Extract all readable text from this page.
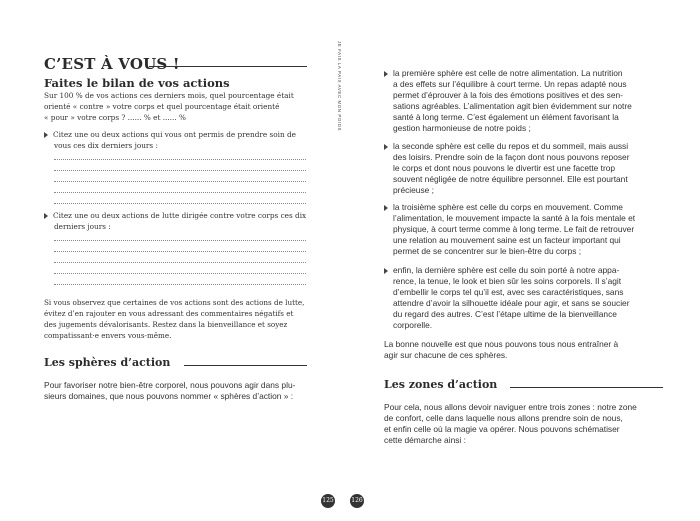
C’EST À VOUS !
Faites le bilan de vos actions
Sur 100 % de vos actions ces derniers mois, quel pourcentage était
orienté « contre » votre corps et quel pourcentage était orienté
« pour » votre corps ? ...... % et ...... %
Citez une ou deux actions qui vous ont permis de prendre soin de
vous ces dix derniers jours :
Citez une ou deux actions de lutte dirigée contre votre corps ces dix
derniers jours :
Si vous observez que certaines de vos actions sont des actions de lutte,
évitez d’en rajouter en vous adressant des commentaires négatifs et
des jugements dévalorisants. Restez dans la bienveillance et soyez
compatissant·e envers vous-même.
Les sphères d’action
Pour favoriser notre bien-être corporel, nous pouvons agir dans plu-
sieurs domaines, que nous pouvons nommer « sphères d’action » :
125
JE FAIS LA PAIX AVEC MON POIDS	la première sphère est celle de notre alimentation. La nutrition
a des effets sur l’équilibre à court terme. Un repas adapté nous
permet d’éprouver à la fois des émotions positives et des sen-
sations agréables. L’alimentation agit bien évidemment sur notre
santé à long terme. C’est également un élément favorisant la
gestion harmonieuse de notre poids ;
la seconde sphère est celle du repos et du sommeil, mais aussi
des loisirs. Prendre soin de la façon dont nous pouvons reposer
le corps et dont nous pouvons le divertir est une facette trop
souvent négligée de notre équilibre personnel. Elle est pourtant
précieuse ;
la troisième sphère est celle du corps en mouvement. Comme
l’alimentation, le mouvement impacte la santé à la fois mentale et
physique, à court terme comme à long terme. Le fait de retrouver
une relation au mouvement saine est un facteur important qui
permet de se concentrer sur le bien-être du corps ;
enfin, la dernière sphère est celle du soin porté à notre appa-
rence, la tenue, le look et bien sûr les soins corporels. Il s’agit
d’embellir le corps tel qu’il est, avec ses caractéristiques, sans
attendre d’avoir la silhouette idéale pour agir, et sans se soucier
du regard des autres. C’est l’étape ultime de la bienveillance
corporelle.
La bonne nouvelle est que nous pouvons tous nous entraîner à
agir sur chacune de ces sphères.
Les zones d’action
Pour cela, nous allons devoir naviguer entre trois zones : notre zone
de confort, celle dans laquelle nous allons prendre soin de nous,
et enfin celle où la magie va opérer. Nous pouvons schématiser
cette démarche ainsi :
126
